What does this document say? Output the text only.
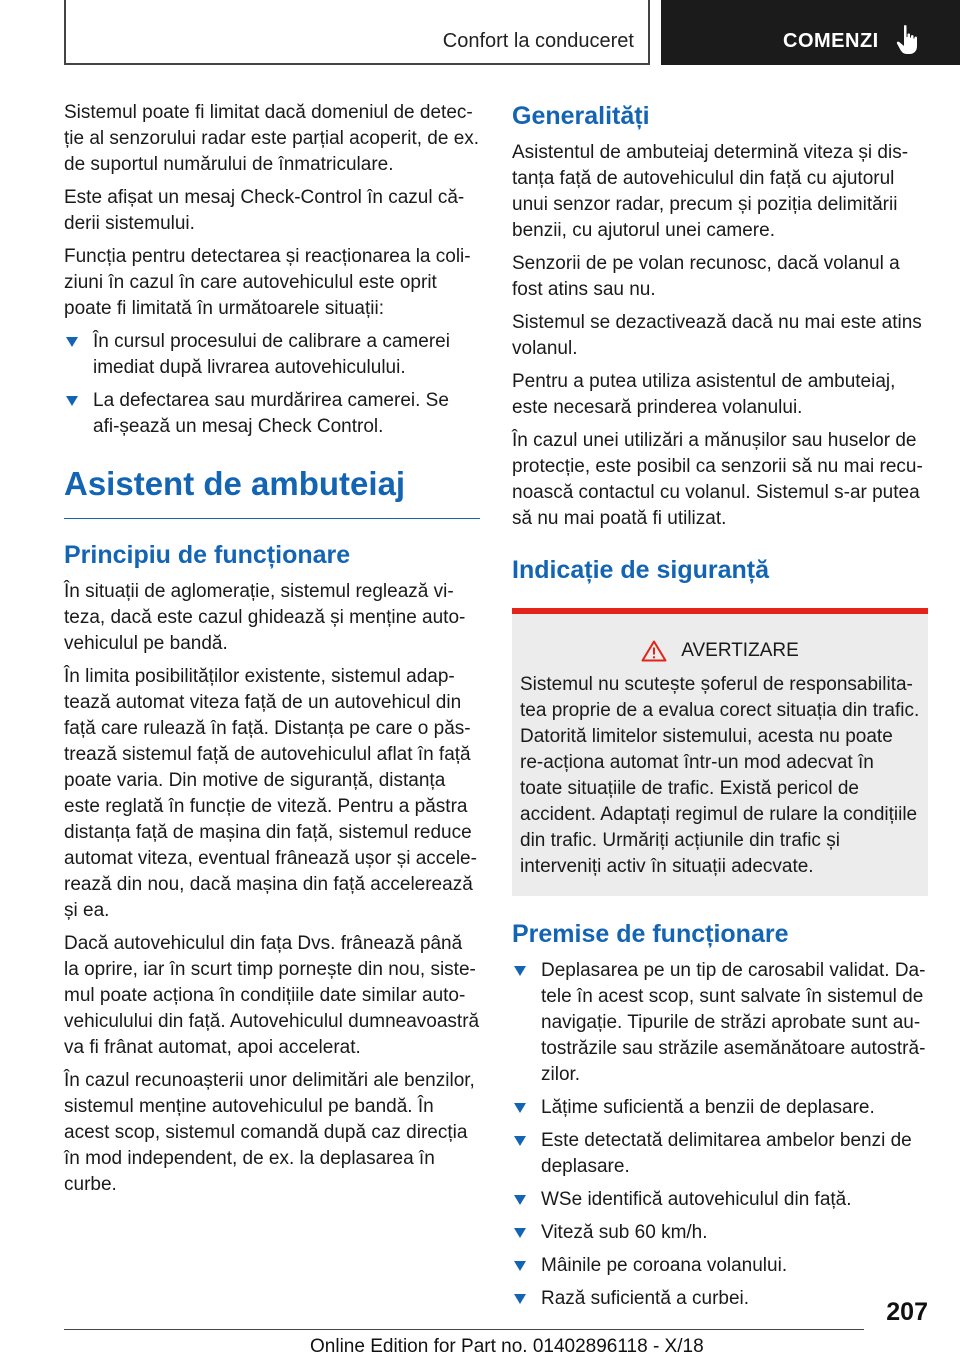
Confort la conduceret	COMENZI

Sistemul poate fi limitat dacă domeniul de detec-ție al senzorului radar este parțial acoperit, de ex. de suportul numărului de înmatriculare.

Este afișat un mesaj Check-Control în cazul că-derii sistemului.

Funcția pentru detectarea și reacționarea la coli-ziuni în cazul în care autovehiculul este oprit poate fi limitată în următoarele situații:

În cursul procesului de calibrare a camerei imediat după livrarea autovehiculului.
La defectarea sau murdărirea camerei. Se afi-șează un mesaj Check Control.
Asistent de ambuteiaj
Principiu de funcționare

În situații de aglomerație, sistemul reglează vi-teza, dacă este cazul ghidează și menține auto-vehiculul pe bandă.

În limita posibilităților existente, sistemul adap-tează automat viteza față de un autovehicul din față care rulează în față. Distanța pe care o păs-trează sistemul față de autovehiculul aflat în față poate varia. Din motive de siguranță, distanța este reglată în funcție de viteză. Pentru a păstra distanța față de mașina din față, sistemul reduce automat viteza, eventual frânează ușor și accele-rează din nou, dacă mașina din față accelerează și ea.

Dacă autovehiculul din fața Dvs. frânează până la oprire, iar în scurt timp pornește din nou, siste-mul poate acționa în condițiile date similar auto-vehiculului din față. Autovehiculul dumneavoastră va fi frânat automat, apoi accelerat.

În cazul recunoașterii unor delimitări ale benzilor, sistemul menține autovehiculul pe bandă. În acest scop, sistemul comandă după caz direcția în mod independent, de ex. la deplasarea în curbe.

Generalități

Asistentul de ambuteiaj determină viteza și dis-tanța față de autovehiculul din față cu ajutorul unui senzor radar, precum și poziția delimitării benzii, cu ajutorul unei camere.

Senzorii de pe volan recunosc, dacă volanul a fost atins sau nu.

Sistemul se dezactivează dacă nu mai este atins volanul.

Pentru a putea utiliza asistentul de ambuteiaj, este necesară prinderea volanului.

În cazul unei utilizări a mănușilor sau huselor de protecție, este posibil ca senzorii să nu mai recu-noască contactul cu volanul. Sistemul s-ar putea să nu mai poată fi utilizat.

Indicație de siguranță
AVERTIZARE

Sistemul nu scutește șoferul de responsabilita-tea proprie de a evalua corect situația din trafic. Datorită limitelor sistemului, acesta nu poate re-acționa automat într-un mod adecvat în toate situațiile de trafic. Există pericol de accident. Adaptați regimul de rulare la condițiile din trafic. Urmăriți acțiunile din trafic și interveniți activ în situații adecvate.

Premise de funcționare
Deplasarea pe un tip de carosabil validat. Da-tele în acest scop, sunt salvate în sistemul de navigație. Tipurile de străzi aprobate sunt au-tostrăzile sau străzile asemănătoare autostră-zilor.
Lățime suficientă a benzii de deplasare.
Este detectată delimitarea ambelor benzi de deplasare.
WSe identifică autovehiculul din față.
Viteză sub 60 km/h.
Mâinile pe coroana volanului.
Rază suficientă a curbei.	207
Online Edition for Part no. 01402896118 - X/18
